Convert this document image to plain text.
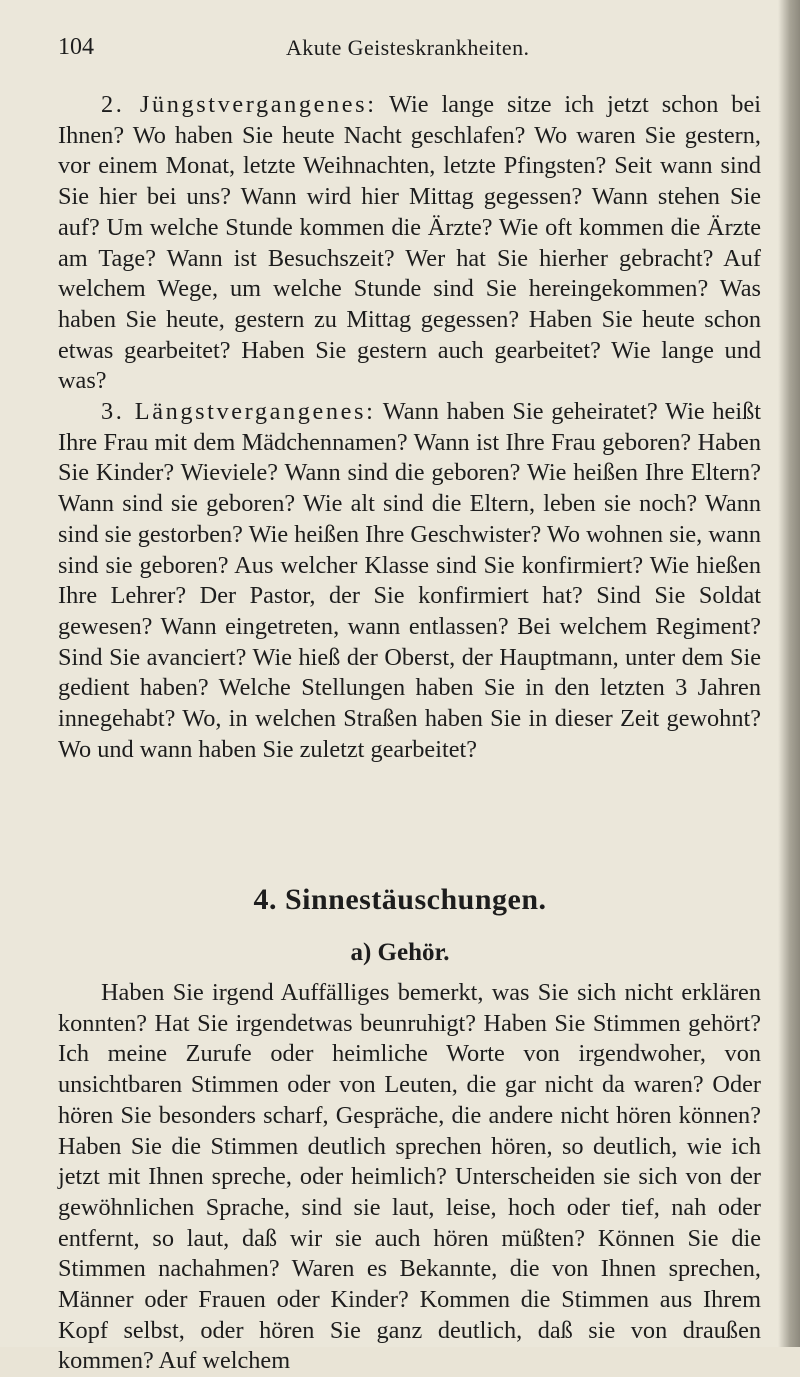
104	Akute Geisteskrankheiten.

2. Jüngstvergangenes: Wie lange sitze ich jetzt schon bei Ihnen? Wo haben Sie heute Nacht geschlafen? Wo waren Sie gestern, vor einem Monat, letzte Weihnachten, letzte Pfingsten? Seit wann sind Sie hier bei uns? Wann wird hier Mittag gegessen? Wann stehen Sie auf? Um welche Stunde kommen die Ärzte? Wie oft kommen die Ärzte am Tage? Wann ist Besuchszeit? Wer hat Sie hierher gebracht? Auf welchem Wege, um welche Stunde sind Sie hereingekommen? Was haben Sie heute, gestern zu Mittag gegessen? Haben Sie heute schon etwas gearbeitet? Haben Sie gestern auch gearbeitet? Wie lange und was?

3. Längstvergangenes: Wann haben Sie geheiratet? Wie heißt Ihre Frau mit dem Mädchennamen? Wann ist Ihre Frau geboren? Haben Sie Kinder? Wieviele? Wann sind die geboren? Wie heißen Ihre Eltern? Wann sind sie geboren? Wie alt sind die Eltern, leben sie noch? Wann sind sie gestorben? Wie heißen Ihre Geschwister? Wo wohnen sie, wann sind sie geboren? Aus welcher Klasse sind Sie konfirmiert? Wie hießen Ihre Lehrer? Der Pastor, der Sie konfirmiert hat? Sind Sie Soldat gewesen? Wann eingetreten, wann entlassen? Bei welchem Regiment? Sind Sie avanciert? Wie hieß der Oberst, der Hauptmann, unter dem Sie gedient haben? Welche Stellungen haben Sie in den letzten 3 Jahren innegehabt? Wo, in welchen Straßen haben Sie in dieser Zeit gewohnt? Wo und wann haben Sie zuletzt gearbeitet?

4. Sinnestäuschungen.
a) Gehör.

Haben Sie irgend Auffälliges bemerkt, was Sie sich nicht erklären konnten? Hat Sie irgendetwas beunruhigt? Haben Sie Stimmen gehört? Ich meine Zurufe oder heimliche Worte von irgendwoher, von unsichtbaren Stimmen oder von Leuten, die gar nicht da waren? Oder hören Sie besonders scharf, Gespräche, die andere nicht hören können? Haben Sie die Stimmen deutlich sprechen hören, so deutlich, wie ich jetzt mit Ihnen spreche, oder heimlich? Unterscheiden sie sich von der gewöhnlichen Sprache, sind sie laut, leise, hoch oder tief, nah oder entfernt, so laut, daß wir sie auch hören müßten? Können Sie die Stimmen nachahmen? Waren es Bekannte, die von Ihnen sprechen, Männer oder Frauen oder Kinder? Kommen die Stimmen aus Ihrem Kopf selbst, oder hören Sie ganz deutlich, daß sie von draußen kommen? Auf welchem
